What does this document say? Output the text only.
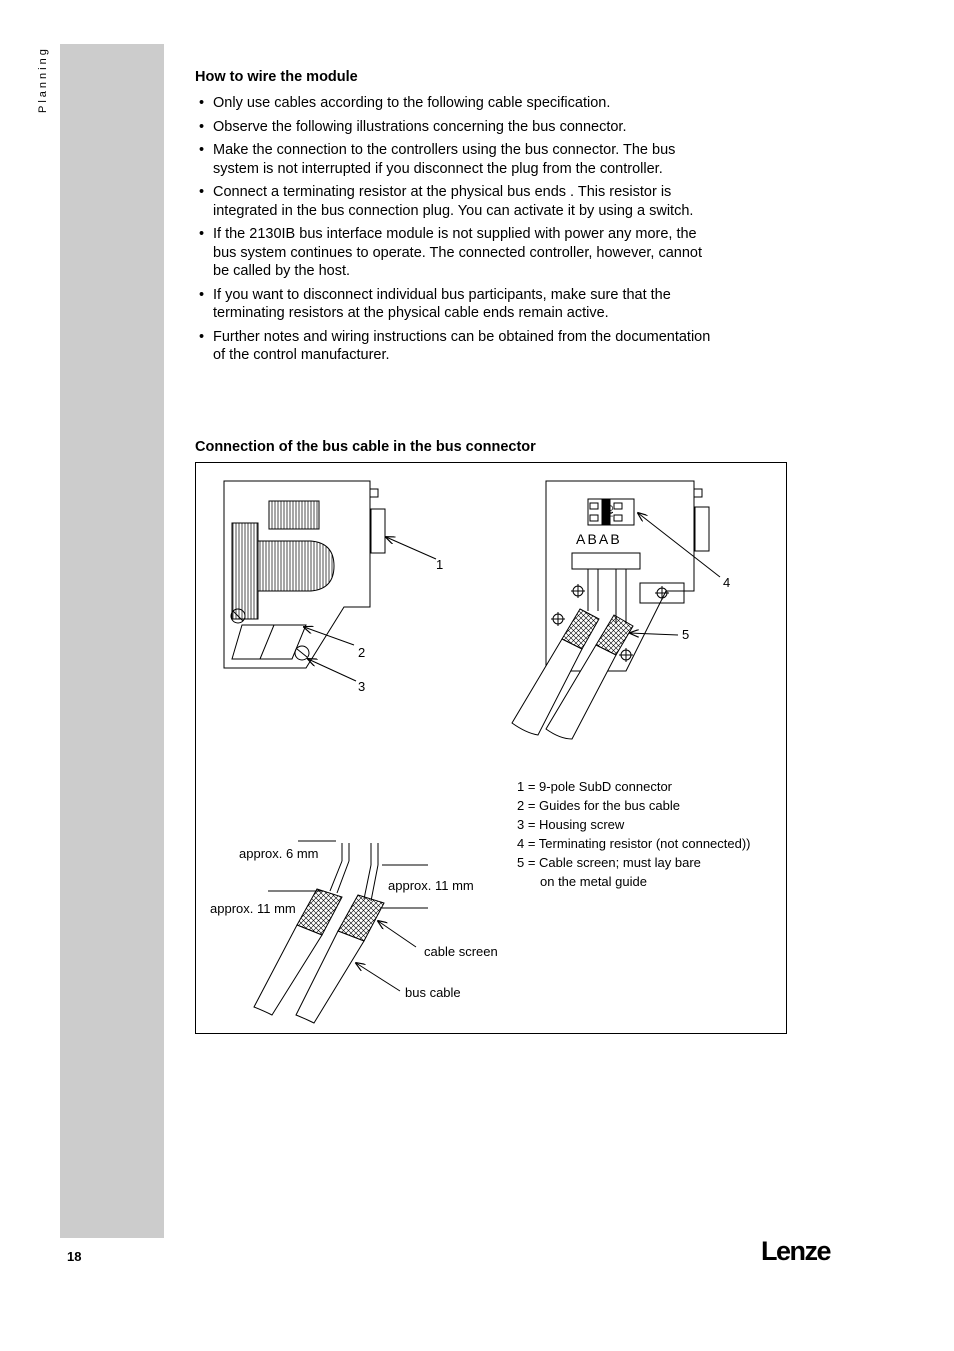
Planning	How to wire the module
• Only use cables according to the following cable specification.
• Observe the following illustrations concerning the bus connector.
• Make the connection to the controllers using the bus connector. The bus system is not interrupted if you disconnect the plug from the controller.
• Connect a terminating resistor at the physical bus ends . This resistor is integrated in the bus connection plug. You can activate it by using a switch.
• If the 2130IB bus interface module is not supplied with power any more, the bus system continues to operate. The connected controller, however, cannot be called by the host.
• If you want to disconnect individual bus participants, make sure that the terminating resistors at the physical cable ends remain active.
• Further notes and wiring instructions can be obtained from the documentation of the control manufacturer.
Connection of the bus cable in the bus connector
ON
A B A B
1
2
3
4
5
1 = 9-pole SubD connector
2 = Guides for the bus cable
3 = Housing screw
4 = Terminating resistor (not connected))
5 = Cable screen; must lay bare
on the metal guide
approx. 6 mm
approx. 11 mm
approx. 11 mm
cable screen
bus cable
18	Lenze
